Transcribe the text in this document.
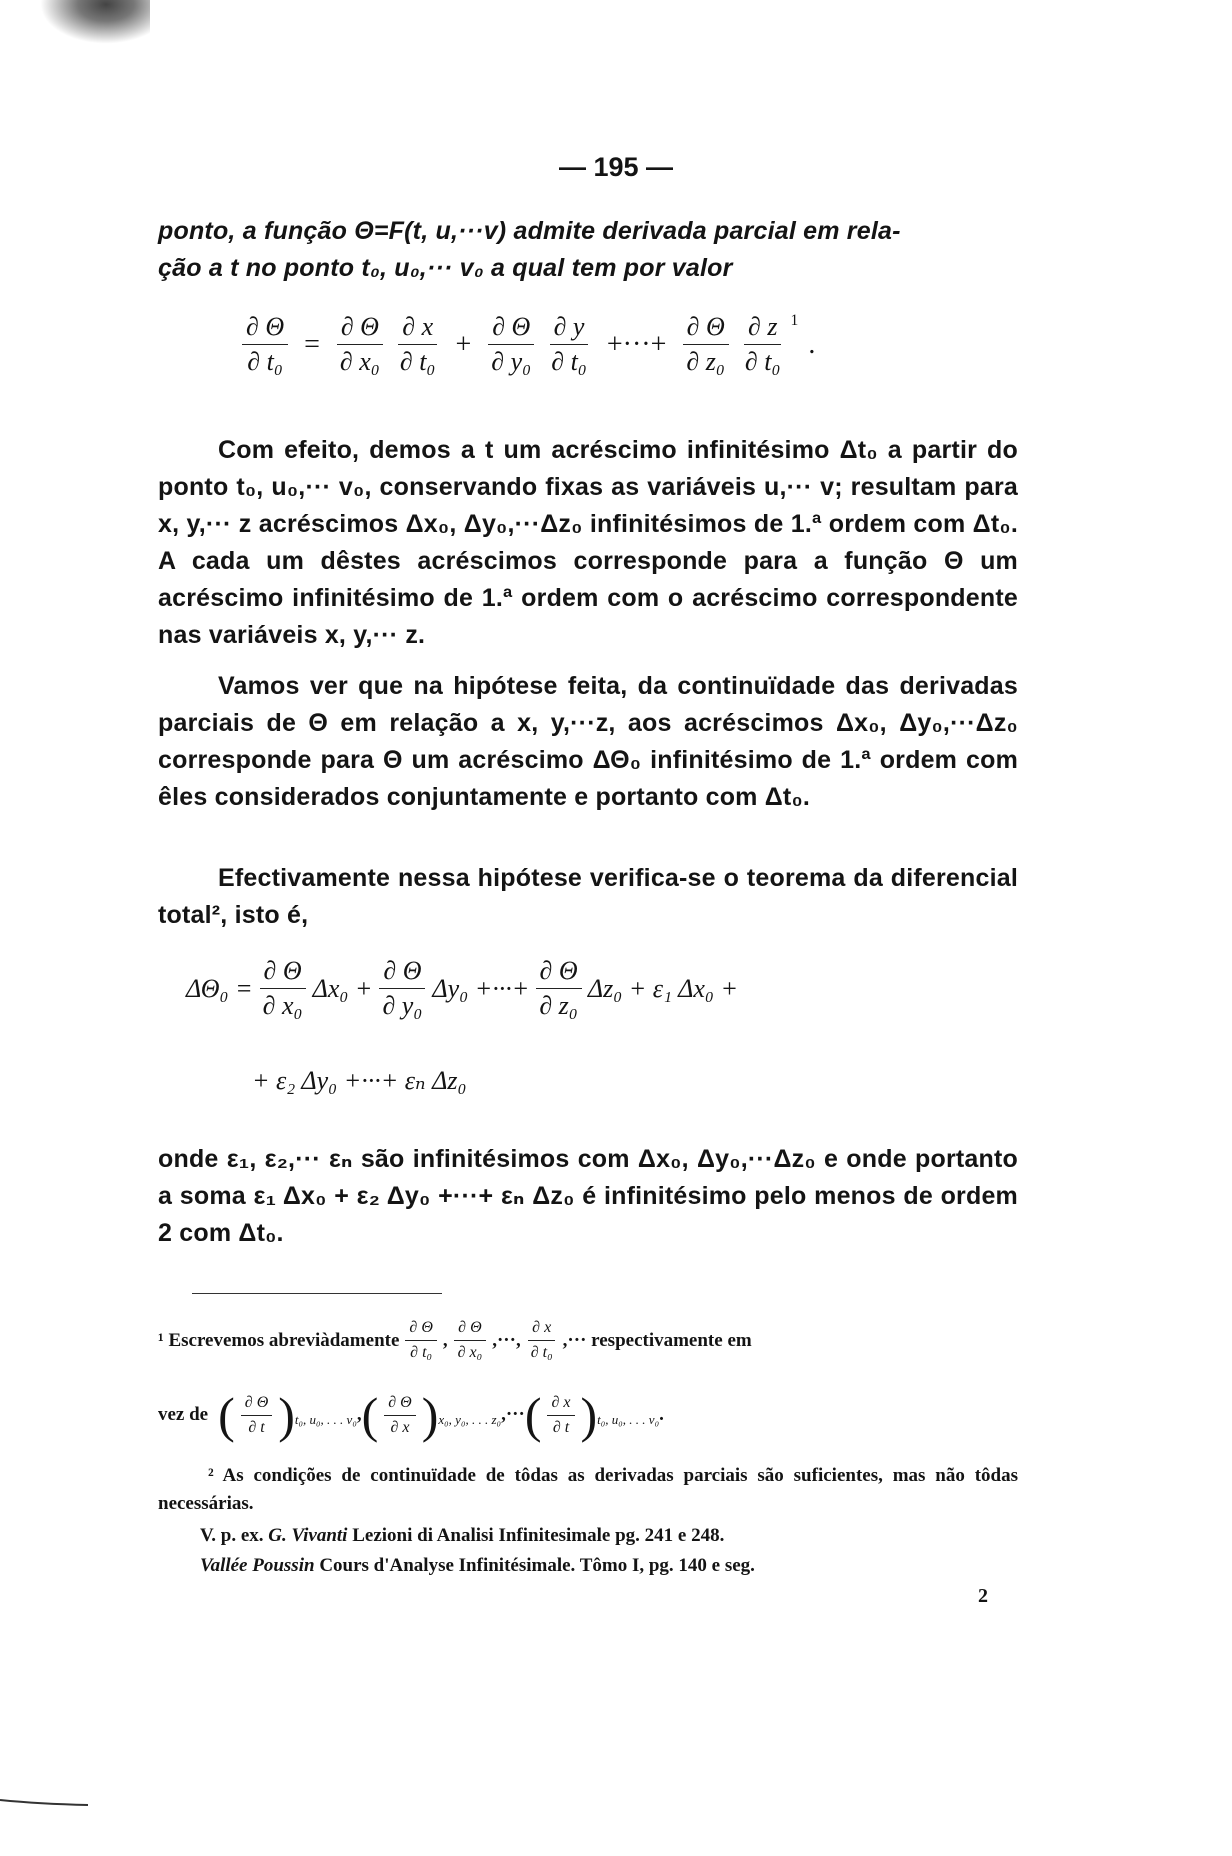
— 195 —

ponto, a função Θ=F(t, u,···v) admite derivada parcial em rela-

ção a t no ponto t₀, u₀,··· v₀ a qual tem por valor

$\frac{\partial \Theta}{\text{∂ t₀}} = \frac{\partial \Theta}{\text{∂ x₀}} \frac{\partial x}{\text{∂ t₀}} + \frac{\partial \Theta}{\text{∂ y₀}} \frac{\partial y}{\text{∂ t₀}}$ +···+ $\frac{\partial \Theta}{\text{∂ z₀}} \frac{\partial z}{\text{∂ t₀}} ^1$
.

Com efeito, demos a t um acréscimo infinitésimo Δt₀ a partir do ponto t₀, u₀,··· v₀, conservando fixas as variáveis u,··· v; resultam para x, y,··· z acréscimos Δx₀, Δy₀,···Δz₀ infinitésimos de 1.ª ordem com Δt₀. A cada um dêstes acréscimos corresponde para a função Θ um acréscimo infinitésimo de 1.ª ordem com o acréscimo correspondente nas variáveis x, y,··· z.

Vamos ver que na hipótese feita, da continuïdade das derivadas parciais de Θ em relação a x, y,···z, aos acréscimos Δx₀, Δy₀,···Δz₀ corresponde para Θ um acréscimo ΔΘ₀ infinitésimo de 1.ª ordem com êles considerados conjuntamente e portanto com Δt₀.

Efectivamente nessa hipótese verifica-se o teorema da diferencial total², isto é,

$\Delta\Theta_0 = \frac{\partial \Theta}{\text{∂ x₀}} \Delta x_0 + \frac{\partial \Theta}{\text{∂ y₀}} \Delta y_0$ +···+ $\frac{\partial \Theta}{\text{∂ z₀}} \Delta z_0 + \varepsilon_1$ Δx₀ +
+ ε₂ Δy₀ +···+ εₙ Δz₀

onde ε₁, ε₂,··· εₙ são infinitésimos com Δx₀, Δy₀,···Δz₀ e onde portanto a soma ε₁ Δx₀ + ε₂ Δy₀ +···+ εₙ Δz₀ é infinitésimo pelo menos de ordem 2 com Δt₀.

¹ Escrevemos abreviàdamente $\frac{\partial \Theta}{\text{∂ t₀}}$ , $\frac{\partial \Theta}{\text{∂ x₀}}$ ,···, $\frac{\partial x}{\text{∂ t₀}}$ ,··· respectivamente em
vez de ( $\frac{\partial \Theta}{\partial t}$ ) t₀, u₀, . . . v₀ , ( $\frac{\partial \Theta}{\partial x}$ ) x₀, y₀, . . . z₀ ,··· ( $\frac{\partial x}{\partial t}$ ) t₀, u₀, . . . v₀ .

² As condições de continuïdade de tôdas as derivadas parciais são suficientes, mas não tôdas necessárias.

V. p. ex. G. Vivanti Lezioni di Analisi Infinitesimale pg. 241 e 248.

Vallée Poussin Cours d'Analyse Infinitésimale. Tômo I, pg. 140 e seg.

2
